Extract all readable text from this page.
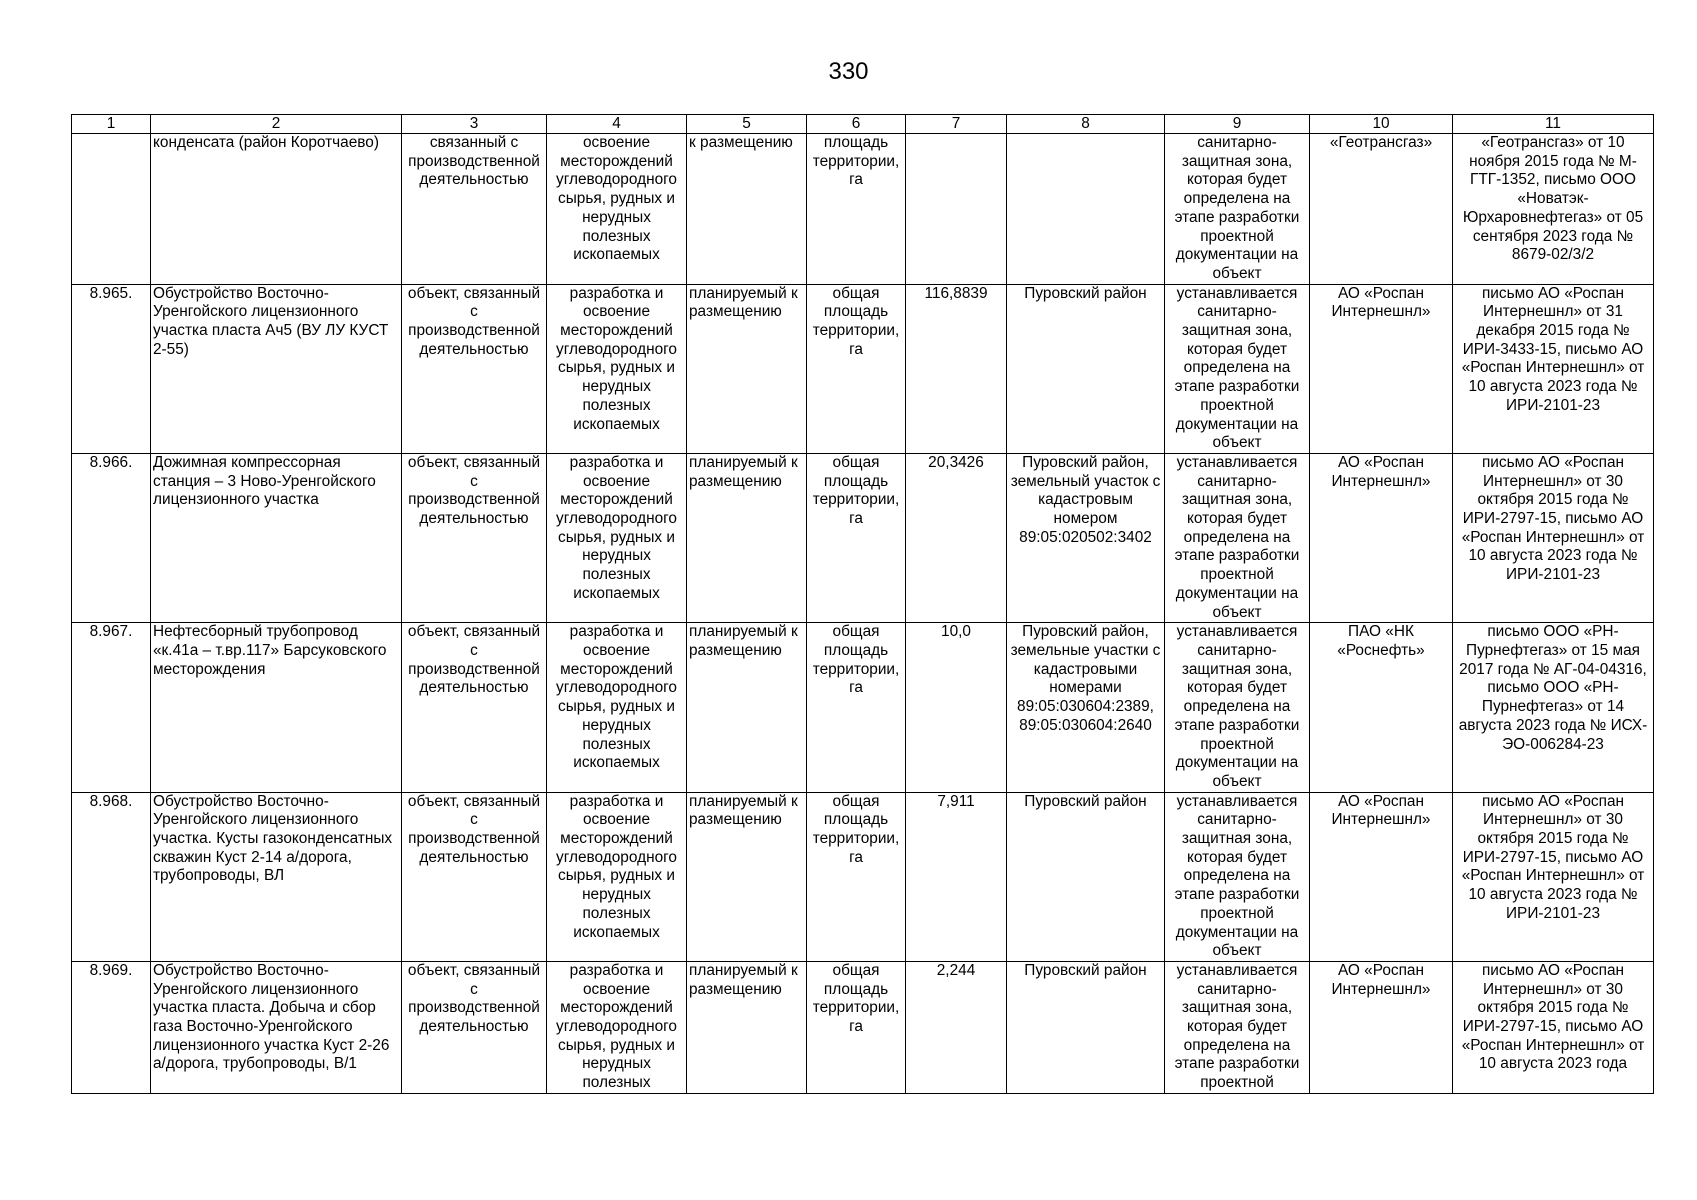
330
1	2	3	4	5	6	7	8	9	10	11
	конденсата (район Коротчаево)	связанный с производственной деятельностью	освоение месторождений углеводородного сырья, рудных и нерудных полезных ископаемых	к размещению	площадь территории, га			санитарно-защитная зона, которая будет определена на этапе разработки проектной документации на объект	«Геотрансгаз»	«Геотрансгаз» от 10 ноября 2015 года № М-ГТГ-1352, письмо ООО «Новатэк-Юрхаровнефтегаз» от 05 сентября 2023 года № 8679-02/3/2
8.965.	Обустройство Восточно-Уренгойского лицензионного участка пласта Ач5 (ВУ ЛУ КУСТ 2-55)	объект, связанный с производственной деятельностью	разработка и освоение месторождений углеводородного сырья, рудных и нерудных полезных ископаемых	планируемый к размещению	общая площадь территории, га	116,8839	Пуровский район	устанавливается санитарно-защитная зона, которая будет определена на этапе разработки проектной документации на объект	АО «Роспан Интернешнл»	письмо АО «Роспан Интернешнл» от 31 декабря 2015 года № ИРИ-3433-15, письмо АО «Роспан Интернешнл» от 10 августа 2023 года № ИРИ-2101-23
8.966.	Дожимная компрессорная станция – 3 Ново-Уренгойского лицензионного участка	объект, связанный с производственной деятельностью	разработка и освоение месторождений углеводородного сырья, рудных и нерудных полезных ископаемых	планируемый к размещению	общая площадь территории, га	20,3426	Пуровский район, земельный участок с кадастровым номером 89:05:020502:3402	устанавливается санитарно-защитная зона, которая будет определена на этапе разработки проектной документации на объект	АО «Роспан Интернешнл»	письмо АО «Роспан Интернешнл» от 30 октября 2015 года № ИРИ-2797-15, письмо АО «Роспан Интернешнл» от 10 августа 2023 года № ИРИ-2101-23
8.967.	Нефтесборный трубопровод «к.41а – т.вр.117» Барсуковского месторождения	объект, связанный с производственной деятельностью	разработка и освоение месторождений углеводородного сырья, рудных и нерудных полезных ископаемых	планируемый к размещению	общая площадь территории, га	10,0	Пуровский район, земельные участки с кадастровыми номерами 89:05:030604:2389, 89:05:030604:2640	устанавливается санитарно-защитная зона, которая будет определена на этапе разработки проектной документации на объект	ПАО «НК «Роснефть»	письмо ООО «РН-Пурнефтегаз» от 15 мая 2017 года № АГ-04-04316, письмо ООО «РН-Пурнефтегаз» от 14 августа 2023 года № ИСХ-ЭО-006284-23
8.968.	Обустройство Восточно-Уренгойского лицензионного участка. Кусты газоконденсатных скважин Куст 2-14 а/дорога, трубопроводы, ВЛ	объект, связанный с производственной деятельностью	разработка и освоение месторождений углеводородного сырья, рудных и нерудных полезных ископаемых	планируемый к размещению	общая площадь территории, га	7,911	Пуровский район	устанавливается санитарно-защитная зона, которая будет определена на этапе разработки проектной документации на объект	АО «Роспан Интернешнл»	письмо АО «Роспан Интернешнл» от 30 октября 2015 года № ИРИ-2797-15, письмо АО «Роспан Интернешнл» от 10 августа 2023 года № ИРИ-2101-23
8.969.	Обустройство Восточно-Уренгойского лицензионного участка пласта. Добыча и сбор газа Восточно-Уренгойского лицензионного участка Куст 2-26 а/дорога, трубопроводы, В/1	объект, связанный с производственной деятельностью	разработка и освоение месторождений углеводородного сырья, рудных и нерудных полезных	планируемый к размещению	общая площадь территории, га	2,244	Пуровский район	устанавливается санитарно-защитная зона, которая будет определена на этапе разработки проектной	АО «Роспан Интернешнл»	письмо АО «Роспан Интернешнл» от 30 октября 2015 года № ИРИ-2797-15, письмо АО «Роспан Интернешнл» от 10 августа 2023 года
